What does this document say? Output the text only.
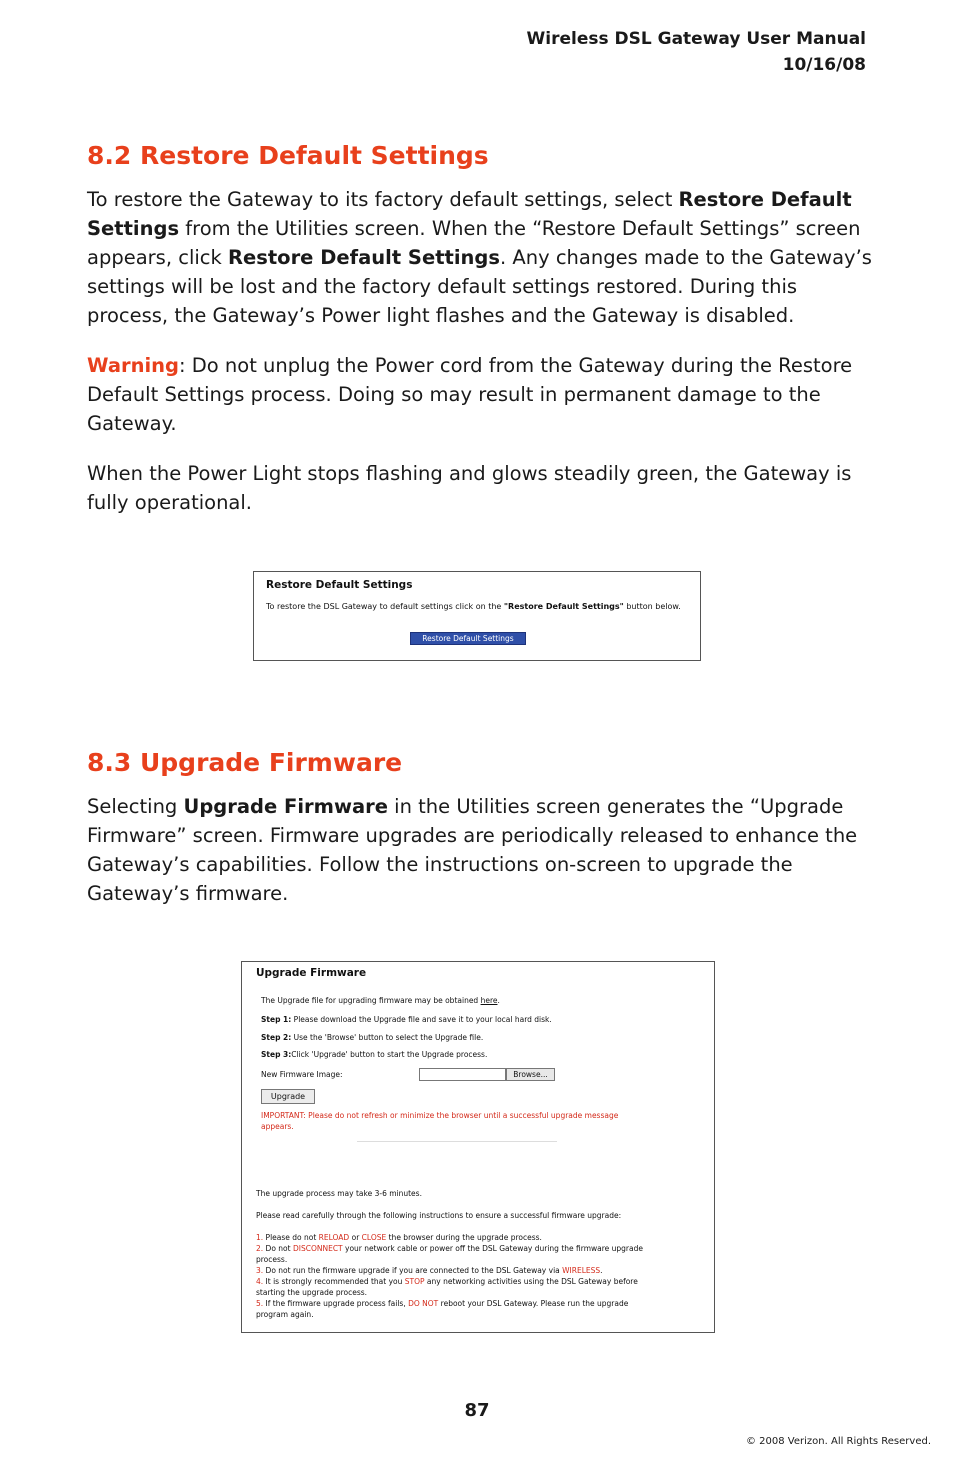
Wireless DSL Gateway User Manual
10/16/08
8.2 Restore Default Settings

To restore the Gateway to its factory default settings, select Restore Default Settings from the Utilities screen. When the “Restore Default Settings” screen appears, click Restore Default Settings. Any changes made to the Gateway’s settings will be lost and the factory default settings restored. During this process, the Gateway’s Power light flashes and the Gateway is disabled.

Warning: Do not unplug the Power cord from the Gateway during the Restore Default Settings process. Doing so may result in permanent damage to the Gateway.

When the Power Light stops flashing and glows steadily green, the Gateway is fully operational.

Restore Default Settings
To restore the DSL Gateway to default settings click on the "Restore Default Settings" button below.
Restore Default Settings
8.3 Upgrade Firmware

Selecting Upgrade Firmware in the Utilities screen generates the “Upgrade Firmware” screen. Firmware upgrades are periodically released to enhance the Gateway’s capabilities. Follow the instructions on-screen to upgrade the Gateway’s firmware.

Upgrade Firmware
The Upgrade file for upgrading firmware may be obtained here.
Step 1: Please download the Upgrade file and save it to your local hard disk.
Step 2: Use the 'Browse' button to select the Upgrade file.
Step 3:Click 'Upgrade' button to start the Upgrade process.
New Firmware Image:	Browse...
Upgrade
IMPORTANT: Please do not refresh or minimize the browser until a successful upgrade message appears.
The upgrade process may take 3-6 minutes.
Please read carefully through the following instructions to ensure a successful firmware upgrade:
1. Please do not RELOAD or CLOSE the browser during the upgrade process.
2. Do not DISCONNECT your network cable or power off the DSL Gateway during the firmware upgrade process.
3. Do not run the firmware upgrade if you are connected to the DSL Gateway via WIRELESS.
4. It is strongly recommended that you STOP any networking activities using the DSL Gateway before starting the upgrade process.
5. If the firmware upgrade process fails, DO NOT reboot your DSL Gateway. Please run the upgrade program again.
87
© 2008 Verizon. All Rights Reserved.
